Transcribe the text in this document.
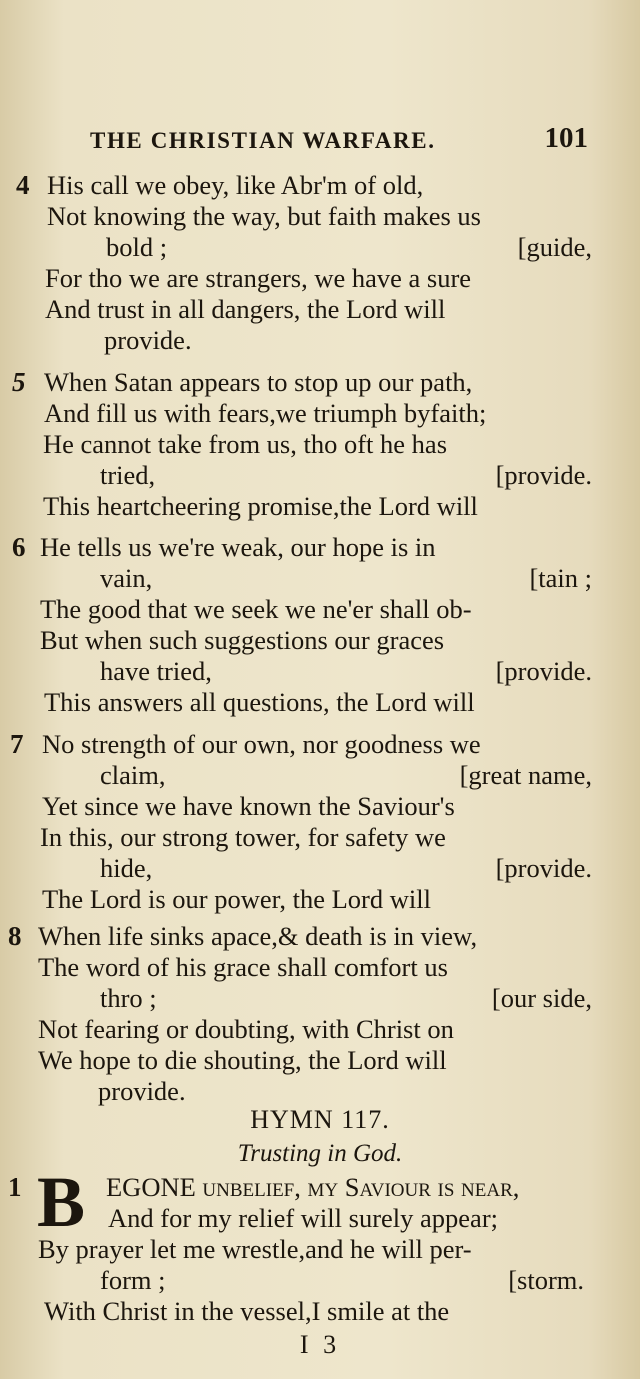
THE CHRISTIAN WARFARE.	101
4 His call we obey, like Abr'm of old,
Not knowing the way, but faith makes us
bold ;	[guide,
For tho we are strangers, we have a sure
And trust in all dangers, the Lord will
provide.
5 When Satan appears to stop up our path,
And fill us with fears,we triumph byfaith;
He cannot take from us, tho oft he has
tried,	[provide.
This heartcheering promise,the Lord will
6 He tells us we're weak, our hope is in
vain,	[tain ;
The good that we seek we ne'er shall ob-
But when such suggestions our graces
have tried,	[provide.
This answers all questions, the Lord will
7 No strength of our own, nor goodness we
claim,	[great name,
Yet since we have known the Saviour's
In this, our strong tower, for safety we
hide,	[provide.
The Lord is our power, the Lord will
8 When life sinks apace,& death is in view,
The word of his grace shall comfort us
thro ;	[our side,
Not fearing or doubting, with Christ on
We hope to die shouting, the Lord will
provide.
HYMN 117.
Trusting in God.
1 B EGONE unbelief, my Saviour is near,
And for my relief will surely appear;
By prayer let me wrestle,and he will per-
form ;	[storm.
With Christ in the vessel,I smile at the
I 3
